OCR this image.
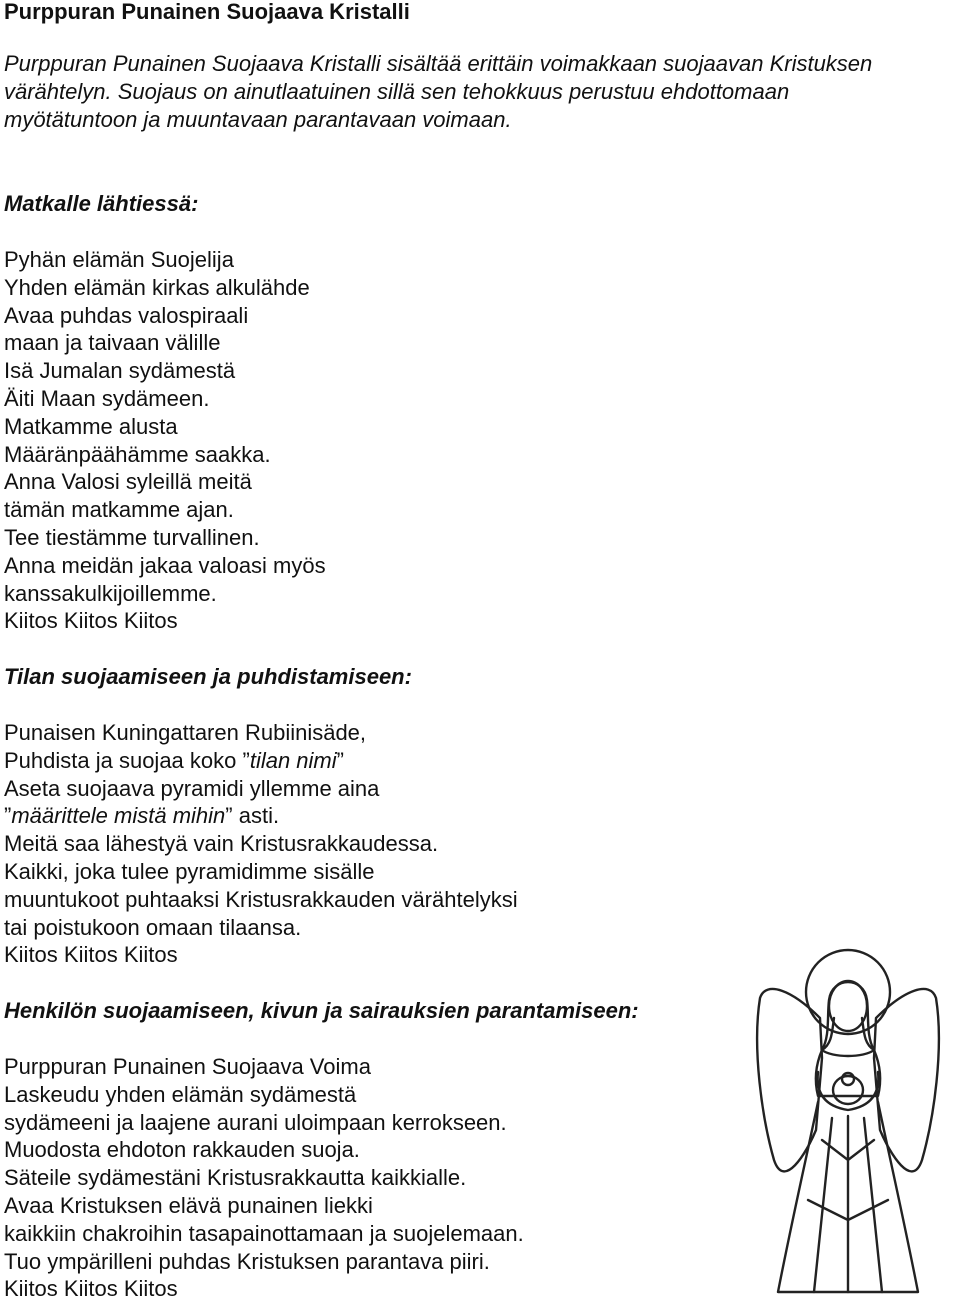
Purppuran Punainen Suojaava Kristalli

Purppuran Punainen Suojaava Kristalli sisältää erittäin voimakkaan suojaavan Kristuksen
värähtelyn. Suojaus on ainutlaatuinen sillä sen tehokkuus perustuu ehdottomaan
myötätuntoon ja muuntavaan parantavaan voimaan.

Matkalle lähtiessä:
Pyhän elämän Suojelija
Yhden elämän kirkas alkulähde
Avaa puhdas valospiraali
maan ja taivaan välille
Isä Jumalan sydämestä
Äiti Maan sydämeen.
Matkamme alusta
Määränpäähämme saakka.
Anna Valosi syleillä meitä
tämän matkamme ajan.
Tee tiestämme turvallinen.
Anna meidän jakaa valoasi myös
kanssakulkijoillemme.
Kiitos Kiitos Kiitos
Tilan suojaamiseen ja puhdistamiseen:
Punaisen Kuningattaren Rubiinisäde,
Puhdista ja suojaa koko ”tilan nimi”
Aseta suojaava pyramidi yllemme aina
”määrittele mistä mihin” asti.
Meitä saa lähestyä vain Kristusrakkaudessa.
Kaikki, joka tulee pyramidimme sisälle
muuntukoot puhtaaksi Kristusrakkauden värähtelyksi
tai poistukoon omaan tilaansa.
Kiitos Kiitos Kiitos
Henkilön suojaamiseen, kivun ja sairauksien parantamiseen:
Purppuran Punainen Suojaava Voima
Laskeudu yhden elämän sydämestä
sydämeeni ja laajene aurani uloimpaan kerrokseen.
Muodosta ehdoton rakkauden suoja.
Säteile sydämestäni Kristusrakkautta kaikkialle.
Avaa Kristuksen elävä punainen liekki
kaikkiin chakroihin tasapainottamaan ja suojelemaan.
Tuo ympärilleni puhdas Kristuksen parantava piiri.
Kiitos Kiitos Kiitos
